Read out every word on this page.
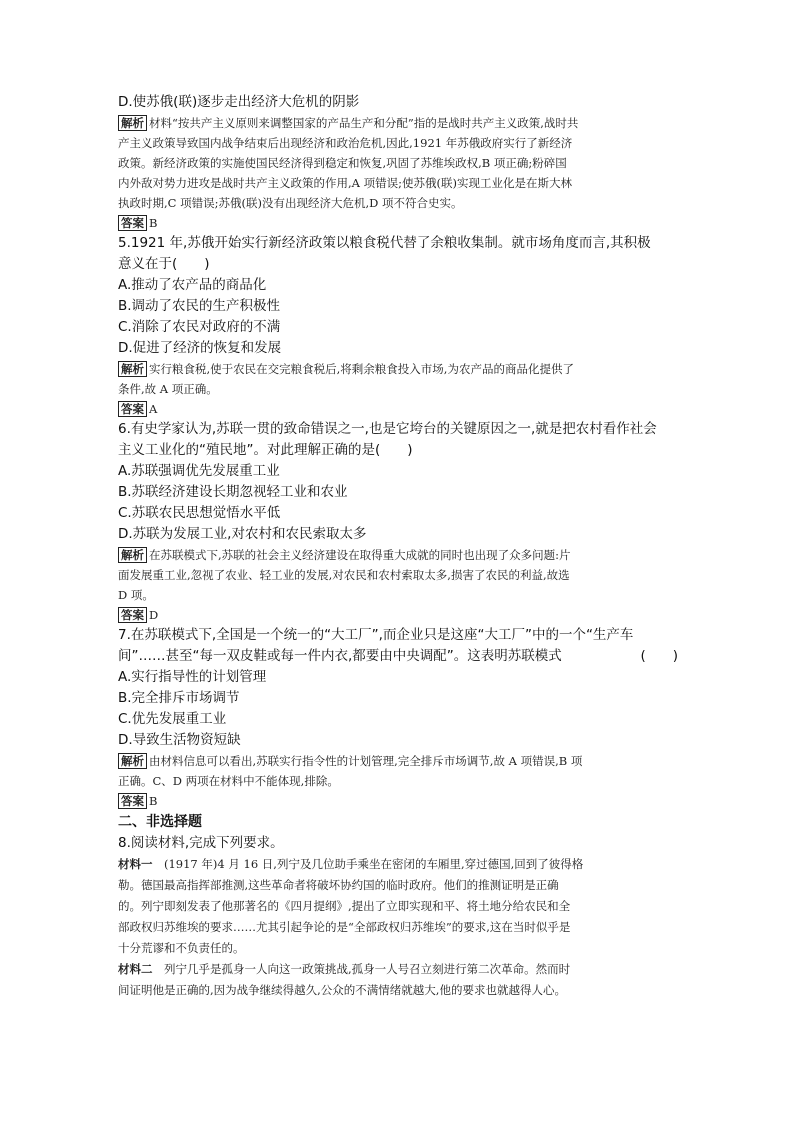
D.使苏俄(联)逐步走出经济大危机的阴影
解析 材料“按共产主义原则来调整国家的产品生产和分配”指的是战时共产主义政策,战时共
产主义政策导致国内战争结束后出现经济和政治危机,因此,1921 年苏俄政府实行了新经济
政策。新经济政策的实施使国民经济得到稳定和恢复,巩固了苏维埃政权,B 项正确;粉碎国
内外敌对势力进攻是战时共产主义政策的作用,A 项错误;使苏俄(联)实现工业化是在斯大林
执政时期,C 项错误;苏俄(联)没有出现经济大危机,D 项不符合史实。
答案 B
5.1921 年,苏俄开始实行新经济政策以粮食税代替了余粮收集制。就市场角度而言,其积极
意义在于(　　)
A.推动了农产品的商品化
B.调动了农民的生产积极性
C.消除了农民对政府的不满
D.促进了经济的恢复和发展
解析 实行粮食税,使于农民在交完粮食税后,将剩余粮食投入市场,为农产品的商品化提供了
条件,故 A 项正确。
答案 A
6.有史学家认为,苏联一贯的致命错误之一,也是它垮台的关键原因之一,就是把农村看作社会
主义工业化的“殖民地”。对此理解正确的是(　　)
A.苏联强调优先发展重工业
B.苏联经济建设长期忽视轻工业和农业
C.苏联农民思想觉悟水平低
D.苏联为发展工业,对农村和农民索取太多
解析 在苏联模式下,苏联的社会主义经济建设在取得重大成就的同时也出现了众多问题:片
面发展重工业,忽视了农业、轻工业的发展,对农民和农村索取太多,损害了农民的利益,故选
D 项。
答案 D
7.在苏联模式下,全国是一个统一的“大工厂”,而企业只是这座“大工厂”中的一个“生产车
间”……甚至“每一双皮鞋或每一件内衣,都要由中央调配”。这表明苏联模式	(　　)
A.实行指导性的计划管理
B.完全排斥市场调节
C.优先发展重工业
D.导致生活物资短缺
解析 由材料信息可以看出,苏联实行指令性的计划管理,完全排斥市场调节,故 A 项错误,B 项
正确。C、D 两项在材料中不能体现,排除。
答案 B
二、非选择题
8.阅读材料,完成下列要求。
材料一　 (1917 年)4 月 16 日,列宁及几位助手乘坐在密闭的车厢里,穿过德国,回到了彼得格
勒。德国最高指挥部推测,这些革命者将破坏协约国的临时政府。他们的推测证明是正确
的。列宁即刻发表了他那著名的《四月提纲》,提出了立即实现和平、将土地分给农民和全
部政权归苏维埃的要求……尤其引起争论的是“全部政权归苏维埃”的要求,这在当时似乎是
十分荒谬和不负责任的。
材料二　 列宁几乎是孤身一人向这一政策挑战,孤身一人号召立刻进行第二次革命。然而时
间证明他是正确的,因为战争继续得越久,公众的不满情绪就越大,他的要求也就越得人心。
